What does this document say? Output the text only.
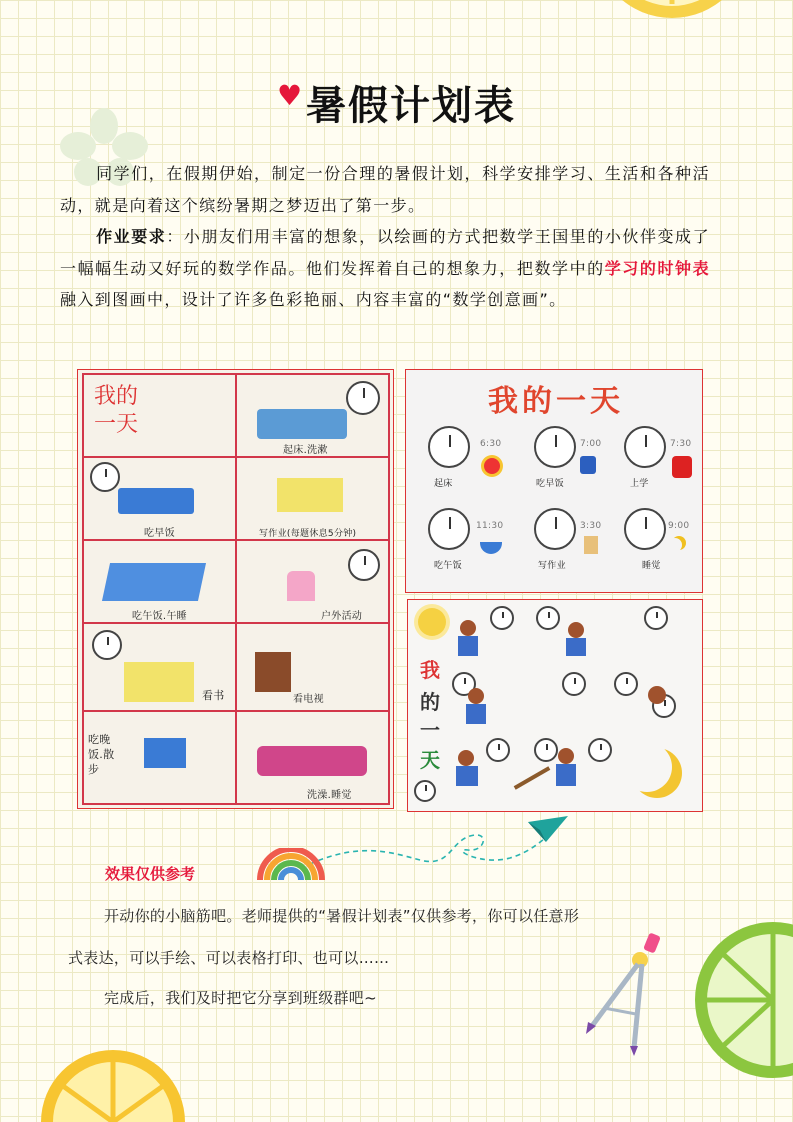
♥暑假计划表
同学们，在假期伊始，制定一份合理的暑假计划，科学安排学习、生活和各种活动，就是向着这个缤纷暑期之梦迈出了第一步。
作业要求：小朋友们用丰富的想象，以绘画的方式把数学王国里的小伙伴变成了一幅幅生动又好玩的数学作品。他们发挥着自己的想象力，把数学中的学习的时钟表融入到图画中，设计了许多色彩艳丽、内容丰富的“数学创意画”。
我的一天
起床.洗漱
吃早饭	写作业(每题休息5分钟)
吃午饭.午睡	户外活动
看书	看电视
吃晚饭.散步
洗澡.睡觉
我的一天
6:30	7:00	7:30
11:30	3:30	9:00
起床	吃早饭	上学
吃午饭	写作业	睡觉
我
的
一
天
效果仅供参考
开动你的小脑筋吧。老师提供的“暑假计划表”仅供参考，你可以任意形
式表达，可以手绘、可以表格打印、也可以……
完成后，我们及时把它分享到班级群吧~
